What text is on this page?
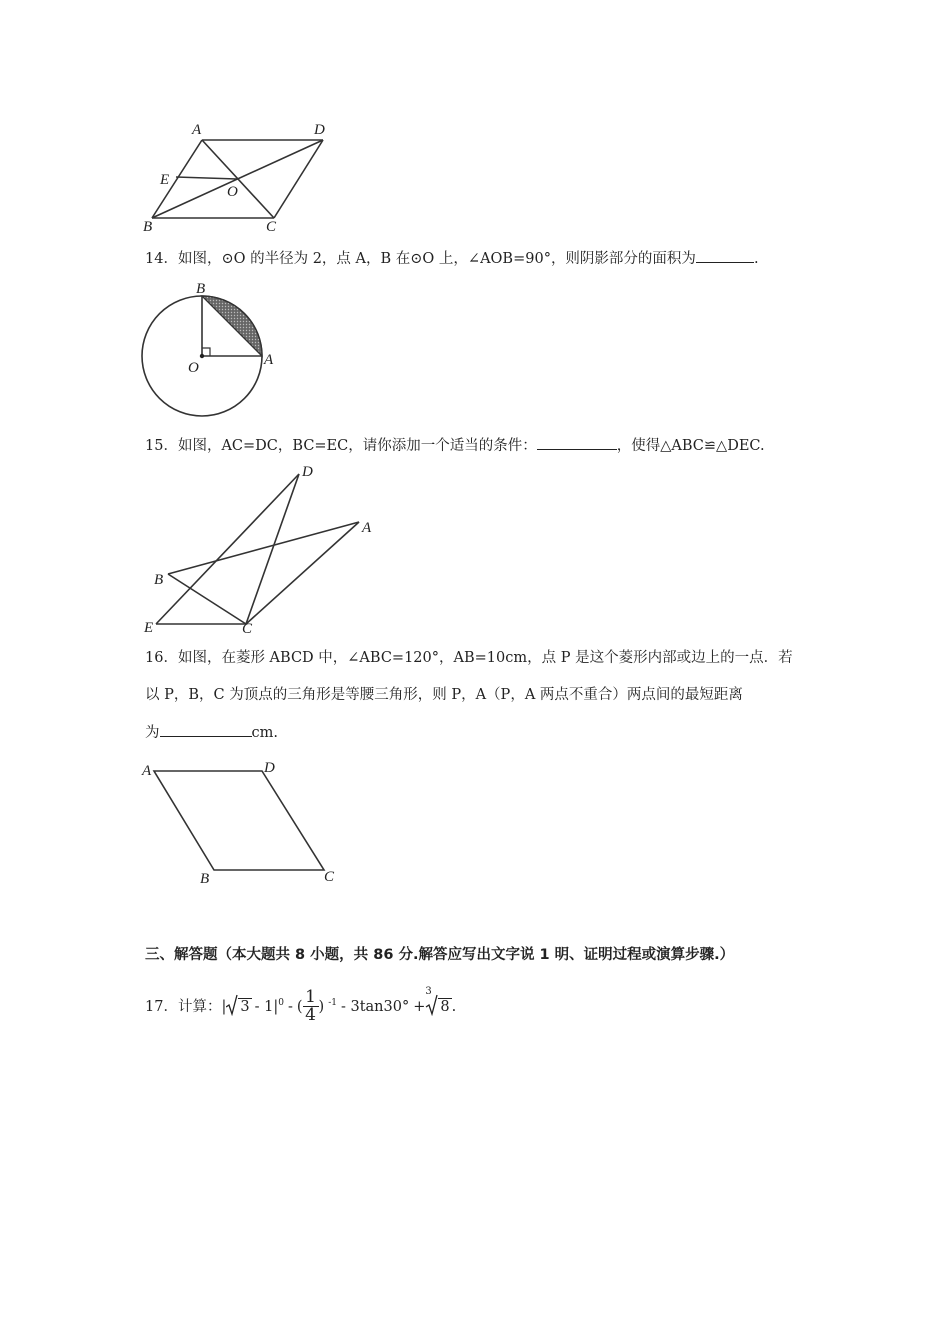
A	D
E
O
B	C
14．如图，⊙O 的半径为 2，点 A，B 在⊙O 上，∠AOB=90°，则阴影部分的面积为	.
B
O	A
15．如图，AC=DC，BC=EC，请你添加一个适当的条件：	，使得△ABC≌△DEC.
D
A
B
E	C
16．如图，在菱形 ABCD 中，∠ABC=120°，AB=10cm，点 P 是这个菱形内部或边上的一点．若
以 P，B，C 为顶点的三角形是等腰三角形，则 P，A（P，A 两点不重合）两点间的最短距离
为	cm.
A	D
B	C
三、解答题（本大题共 8 小题，共 86 分.解答应写出文字说 1 明、证明过程或演算步骤.）
17．计算：| $3 - 1|^0$ - ( $\frac{1}{4}$ ) $^{-1}$ - 3tan30° +
3
8 .
